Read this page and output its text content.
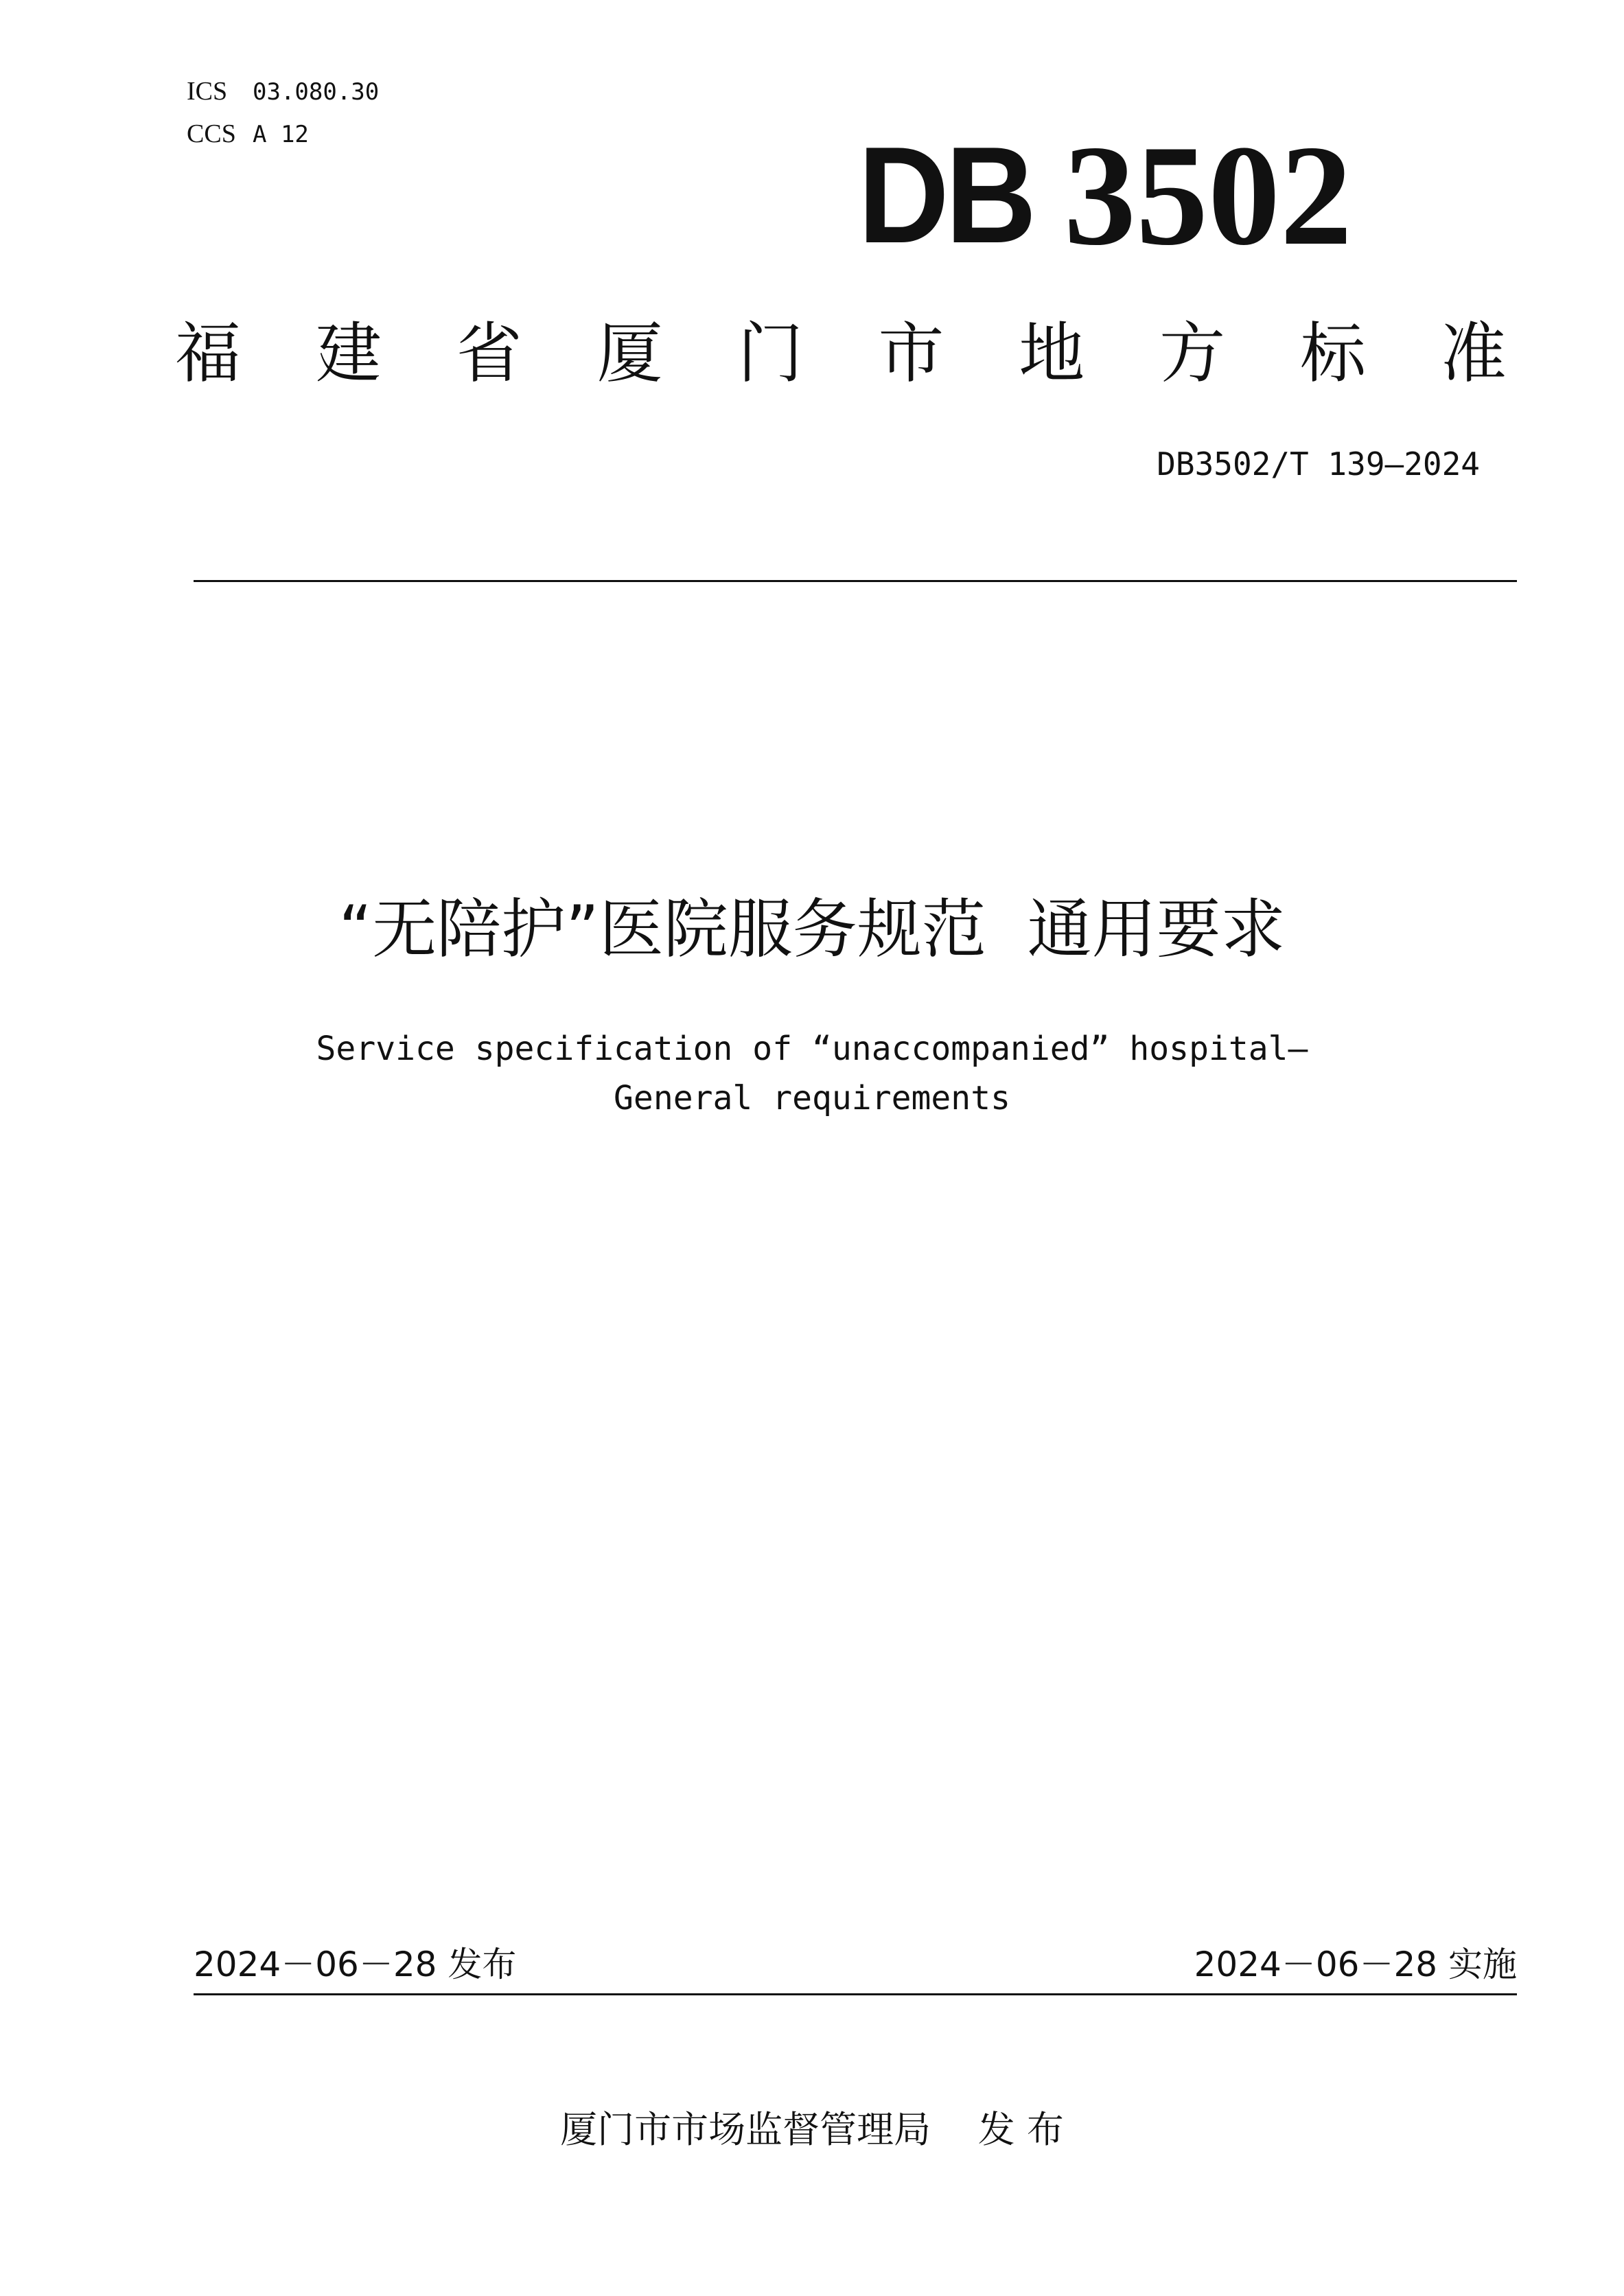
ICS 03.080.30
CCS A 12	DB 3502
福 建 省 厦 门 市 地 方 标 准
DB3502/T 139—2024
“无陪护”医院服务规范  通用要求
Service specification of “unaccompanied” hospital—
General requirements
2024－06－28 发布	2024－06－28 实施
厦门市市场监督管理局    发 布
